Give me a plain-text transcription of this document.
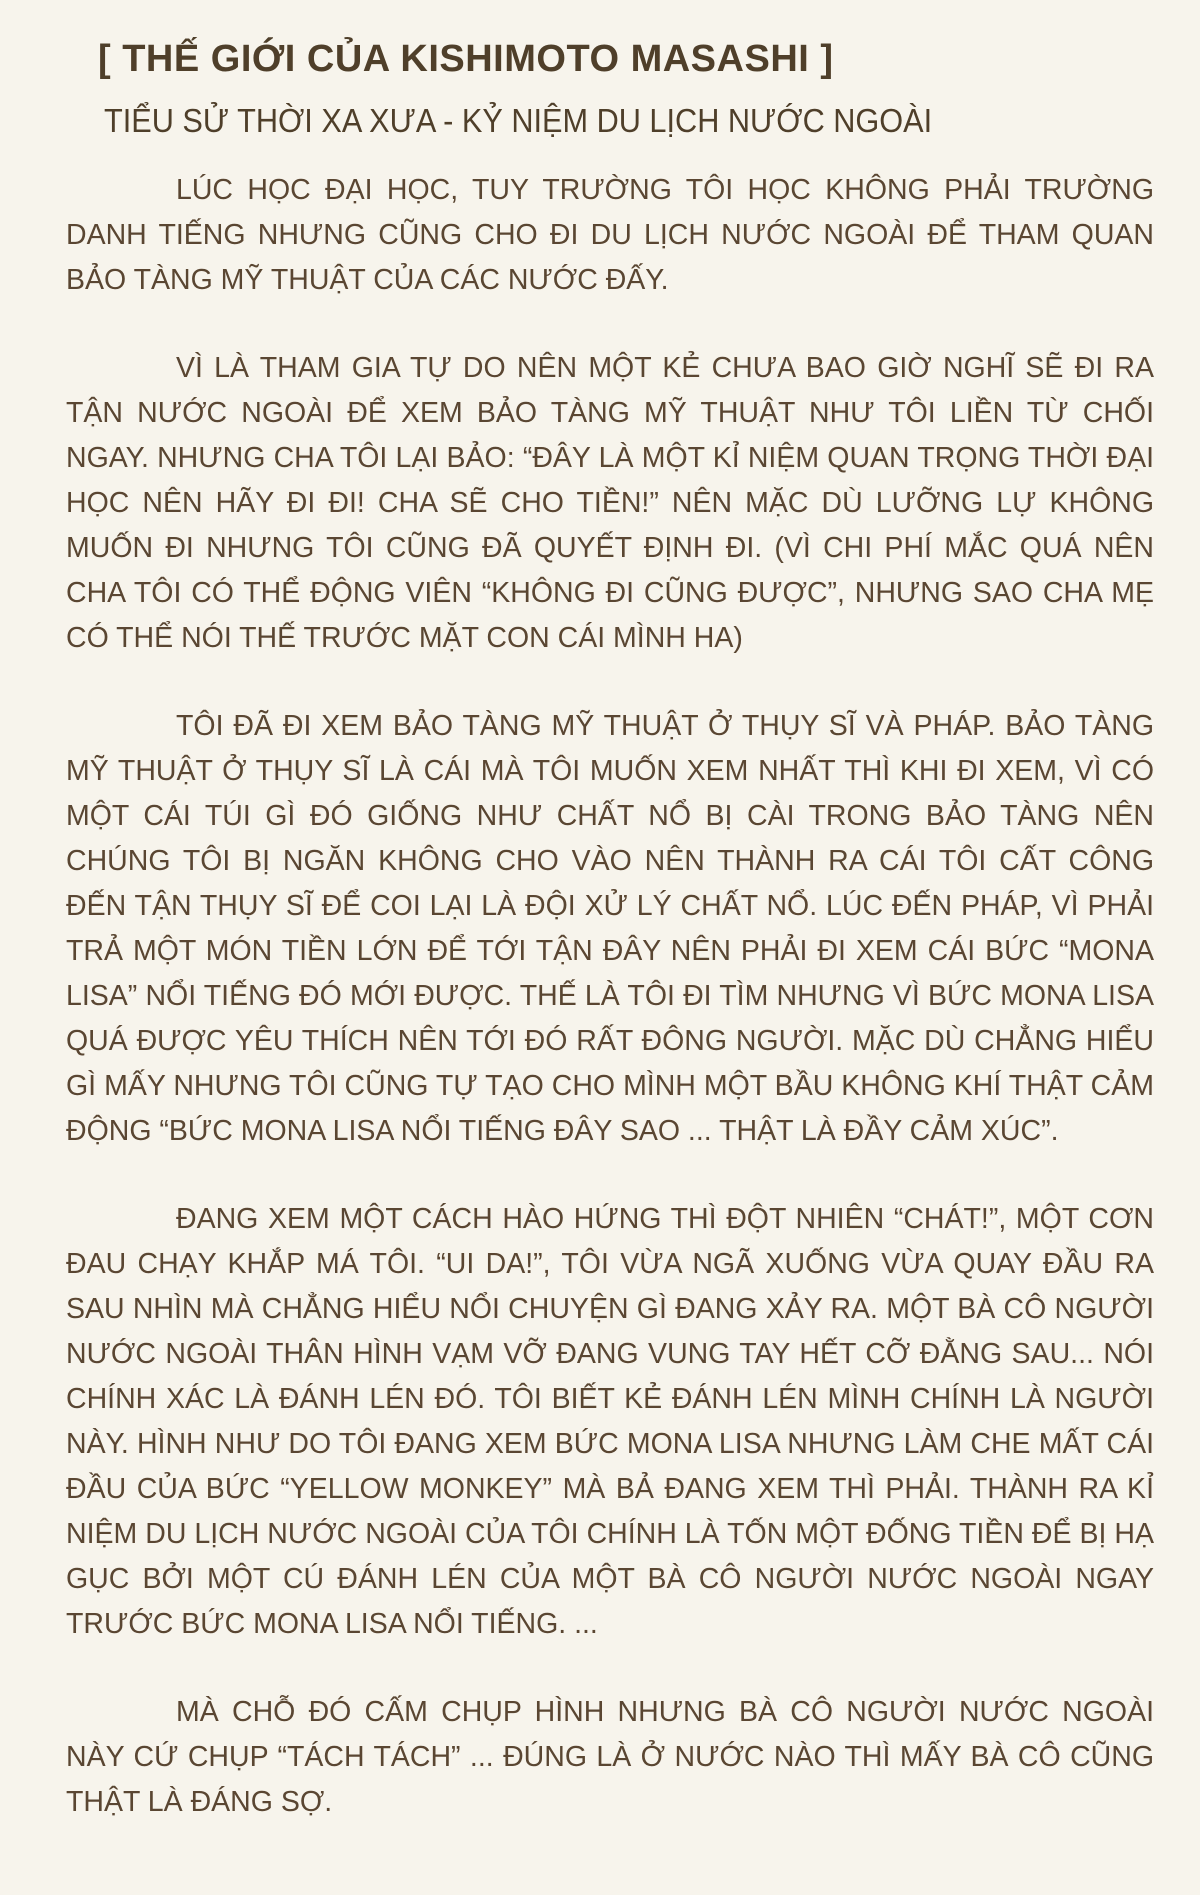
[ THẾ GIỚI CỦA KISHIMOTO MASASHI ]
TIỂU SỬ THỜI XA XƯA - KỶ NIỆM DU LỊCH NƯỚC NGOÀI

LÚC HỌC ĐẠI HỌC, TUY TRƯỜNG TÔI HỌC KHÔNG PHẢI TRƯỜNG DANH TIẾNG NHƯNG CŨNG CHO ĐI DU LỊCH NƯỚC NGOÀI ĐỂ THAM QUAN BẢO TÀNG MỸ THUẬT CỦA CÁC NƯỚC ĐẤY.

VÌ LÀ THAM GIA TỰ DO NÊN MỘT KẺ CHƯA BAO GIỜ NGHĨ SẼ ĐI RA TẬN NƯỚC NGOÀI ĐỂ XEM BẢO TÀNG MỸ THUẬT NHƯ TÔI LIỀN TỪ CHỐI NGAY. NHƯNG CHA TÔI LẠI BẢO: “ĐÂY LÀ MỘT KỈ NIỆM QUAN TRỌNG THỜI ĐẠI HỌC NÊN HÃY ĐI ĐI! CHA SẼ CHO TIỀN!” NÊN MẶC DÙ LƯỠNG LỰ KHÔNG MUỐN ĐI NHƯNG TÔI CŨNG ĐÃ QUYẾT ĐỊNH ĐI. (VÌ CHI PHÍ MẮC QUÁ NÊN CHA TÔI CÓ THỂ ĐỘNG VIÊN “KHÔNG ĐI CŨNG ĐƯỢC”, NHƯNG SAO CHA MẸ CÓ THỂ NÓI THẾ TRƯỚC MẶT CON CÁI MÌNH HA)

TÔI ĐÃ ĐI XEM BẢO TÀNG MỸ THUẬT Ở THỤY SĨ VÀ PHÁP. BẢO TÀNG MỸ THUẬT Ở THỤY SĨ LÀ CÁI MÀ TÔI MUỐN XEM NHẤT THÌ KHI ĐI XEM, VÌ CÓ MỘT CÁI TÚI GÌ ĐÓ GIỐNG NHƯ CHẤT NỔ BỊ CÀI TRONG BẢO TÀNG NÊN CHÚNG TÔI BỊ NGĂN KHÔNG CHO VÀO NÊN THÀNH RA CÁI TÔI CẤT CÔNG ĐẾN TẬN THỤY SĨ ĐỂ COI LẠI LÀ ĐỘI XỬ LÝ CHẤT NỔ. LÚC ĐẾN PHÁP, VÌ PHẢI TRẢ MỘT MÓN TIỀN LỚN ĐỂ TỚI TẬN ĐÂY NÊN PHẢI ĐI XEM CÁI BỨC “MONA LISA” NỔI TIẾNG ĐÓ MỚI ĐƯỢC. THẾ LÀ TÔI ĐI TÌM NHƯNG VÌ BỨC MONA LISA QUÁ ĐƯỢC YÊU THÍCH NÊN TỚI ĐÓ RẤT ĐÔNG NGƯỜI. MẶC DÙ CHẲNG HIỂU GÌ MẤY NHƯNG TÔI CŨNG TỰ TẠO CHO MÌNH MỘT BẦU KHÔNG KHÍ THẬT CẢM ĐỘNG “BỨC MONA LISA NỔI TIẾNG ĐÂY SAO ... THẬT LÀ ĐẦY CẢM XÚC”.

ĐANG XEM MỘT CÁCH HÀO HỨNG THÌ ĐỘT NHIÊN “CHÁT!”, MỘT CƠN ĐAU CHẠY KHẮP MÁ TÔI. “UI DA!”, TÔI VỪA NGÃ XUỐNG VỪA QUAY ĐẦU RA SAU NHÌN MÀ CHẲNG HIỂU NỔI CHUYỆN GÌ ĐANG XẢY RA. MỘT BÀ CÔ NGƯỜI NƯỚC NGOÀI THÂN HÌNH VẠM VỠ ĐANG VUNG TAY HẾT CỠ ĐẰNG SAU... NÓI CHÍNH XÁC LÀ ĐÁNH LÉN ĐÓ. TÔI BIẾT KẺ ĐÁNH LÉN MÌNH CHÍNH LÀ NGƯỜI NÀY. HÌNH NHƯ DO TÔI ĐANG XEM BỨC MONA LISA NHƯNG LÀM CHE MẤT CÁI ĐẦU CỦA BỨC “YELLOW MONKEY” MÀ BẢ ĐANG XEM THÌ PHẢI. THÀNH RA KỈ NIỆM DU LỊCH NƯỚC NGOÀI CỦA TÔI CHÍNH LÀ TỐN MỘT ĐỐNG TIỀN ĐỂ BỊ HẠ GỤC BỞI MỘT CÚ ĐÁNH LÉN CỦA MỘT BÀ CÔ NGƯỜI NƯỚC NGOÀI NGAY TRƯỚC BỨC MONA LISA NỔI TIẾNG. ...

MÀ CHỖ ĐÓ CẤM CHỤP HÌNH NHƯNG BÀ CÔ NGƯỜI NƯỚC NGOÀI NÀY CỨ CHỤP “TÁCH TÁCH” ... ĐÚNG LÀ Ở NƯỚC NÀO THÌ MẤY BÀ CÔ CŨNG THẬT LÀ ĐÁNG SỢ.
